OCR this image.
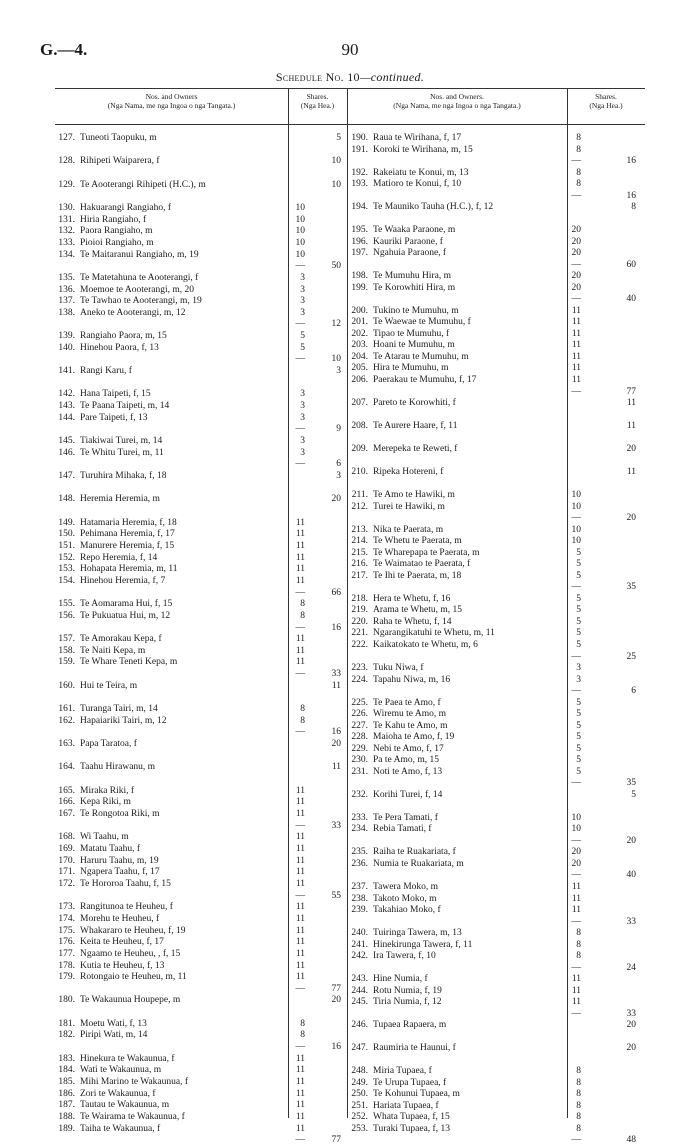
G.—4.	90
Schedule No. 10—continued.
Nos. and Owners
(Nga Nama, me nga Ingoa o nga Tangata.)
Shares.
(Nga Hea.)
Nos. and Owners.
(Nga Nama, me nga Ingoa o nga Tangata.)
Shares.
(Nga Hea.)
127. Tuneoti Taopuku, m	5
128. Rihipeti Waiparera, f	10
129. Te Aooterangi Rihipeti (H.C.), m	10
130. Hakuarangi Rangiaho, f	10
131. Hiria Rangiaho, f	10
132. Paora Rangiaho, m	10
133. Pioioi Rangiaho, m	10
134. Te Maitaranui Rangiaho, m, 19	10
—	50
135. Te Matetahuna te Aooterangi, f	3
136. Moemoe te Aooterangi, m, 20	3
137. Te Tawhao te Aooterangi, m, 19	3
138. Aneko te Aooterangi, m, 12	3
—	12
139. Rangiaho Paora, m, 15	5
140. Hinehou Paora, f, 13	5
—	10
141. Rangi Karu, f	3
142. Hana Taipeti, f, 15	3
143. Te Paana Taipeti, m, 14	3
144. Pare Taipeti, f, 13	3
—	9
145. Tiakiwai Turei, m, 14	3
146. Te Whitu Turei, m, 11	3
—	6
147. Turuhira Mihaka, f, 18	3
148. Heremia Heremia, m	20
149. Hatamaria Heremia, f, 18	11
150. Pehimana Heremia, f, 17	11
151. Manurere Heremia, f, 15	11
152. Repo Heremia, f, 14	11
153. Hohapata Heremia, m, 11	11
154. Hinehou Heremia, f, 7	11
—	66
155. Te Aomarama Hui, f, 15	8
156. Te Pukuatua Hui, m, 12	8
—	16
157. Te Amorakau Kepa, f	11
158. Te Naiti Kepa, m	11
159. Te Whare Teneti Kepa, m	11
—	33
160. Hui te Teira, m	11
161. Turanga Tairi, m, 14	8
162. Hapaiariki Tairi, m, 12	8
—	16
163. Papa Taratoa, f	20
164. Taahu Hirawanu, m	11
165. Miraka Riki, f	11
166. Kepa Riki, m	11
167. Te Rongotoa Riki, m	11
—	33
168. Wi Taahu, m	11
169. Matatu Taahu, f	11
170. Haruru Taahu, m, 19	11
171. Ngapera Taahu, f, 17	11
172. Te Hororoa Taahu, f, 15	11
—	55
173. Rangitunoa te Heuheu, f	11
174. Morehu te Heuheu, f	11
175. Whakararo te Heuheu, f, 19	11
176. Keita te Heuheu, f, 17	11
177. Ngaamo te Heuheu, , f, 15	11
178. Kutia te Heuheu, f, 13	11
179. Rotongaio te Heuheu, m, 11	11
—	77
180. Te Wakaunua Houpepe, m	20
181. Moetu Wati, f, 13	8
182. Piripi Wati, m, 14	8
—	16
183. Hinekura te Wakaunua, f	11
184. Wati te Wakaunua, m	11
185. Mihi Marino te Wakaunua, f	11
186. Zori te Wakaunua, f	11
187. Tautau te Wakaunua, m	11
188. Te Wairama te Wakaunua, f	11
189. Taiha te Wakaunua, f	11
—	77
190. Raua te Wirihana, f, 17	8
191. Koroki te Wirihana, m, 15	8
—	16
192. Rakeiatu te Konui, m, 13	8
193. Matioro te Konui, f, 10	8
—	16
194. Te Mauniko Tauha (H.C.), f, 12	8
195. Te Waaka Paraone, m	20
196. Kauriki Paraone, f	20
197. Ngahuia Paraone, f	20
—	60
198. Te Mumuhu Hira, m	20
199. Te Korowhiti Hira, m	20
—	40
200. Tukino te Mumuhu, m	11
201. Te Waewae te Mumuhu, f	11
202. Tipao te Mumuhu, f	11
203. Hoani te Mumuhu, m	11
204. Te Atarau te Mumuhu, m	11
205. Hira te Mumuhu, m	11
206. Paerakau te Mumuhu, f, 17	11
—	77
207. Pareto te Korowhiti, f	11
208. Te Aurere Haare, f, 11	11
209. Merepeka te Reweti, f	20
210. Ripeka Hotereni, f	11
211. Te Amo te Hawiki, m	10
212. Turei te Hawiki, m	10
—	20
213. Nika te Paerata, m	10
214. Te Whetu te Paerata, m	10
215. Te Wharepapa te Paerata, m	5
216. Te Waimatao te Paerata, f	5
217. Te Ihi te Paerata, m, 18	5
—	35
218. Hera te Whetu, f, 16	5
219. Arama te Whetu, m, 15	5
220. Raha te Whetu, f, 14	5
221. Ngarangikatuhi te Whetu, m, 11	5
222. Kaikatokato te Whetu, m, 6	5
—	25
223. Tuku Niwa, f	3
224. Tapahu Niwa, m, 16	3
—	6
225. Te Paea te Amo, f	5
226. Wiremu te Amo, m	5
227. Te Kahu te Amo, m	5
228. Maioha te Amo, f, 19	5
229. Nebi te Amo, f, 17	5
230. Pa te Amo, m, 15	5
231. Noti te Amo, f, 13	5
—	35
232. Korihi Turei, f, 14	5
233. Te Pera Tamati, f	10
234. Rebia Tamati, f	10
—	20
235. Raiha te Ruakariata, f	20
236. Numia te Ruakariata, m	20
—	40
237. Tawera Moko, m	11
238. Takoto Moko, m	11
239. Takahiao Moko, f	11
—	33
240. Tuiringa Tawera, m, 13	8
241. Hinekirunga Tawera, f, 11	8
242. Ira Tawera, f, 10	8
—	24
243. Hine Numia, f	11
244. Rotu Numia, f, 19	11
245. Tiria Numia, f, 12	11
—	33
246. Tupaea Rapaera, m	20
247. Raumiria te Haunui, f	20
248. Miria Tupaea, f	8
249. Te Urupa Tupaea, f	8
250. Te Kohunui Tupaea, m	8
251. Hariata Tupaea, f	8
252. Whata Tupaea, f, 15	8
253. Turaki Tupaea, f, 13	8
—	48
